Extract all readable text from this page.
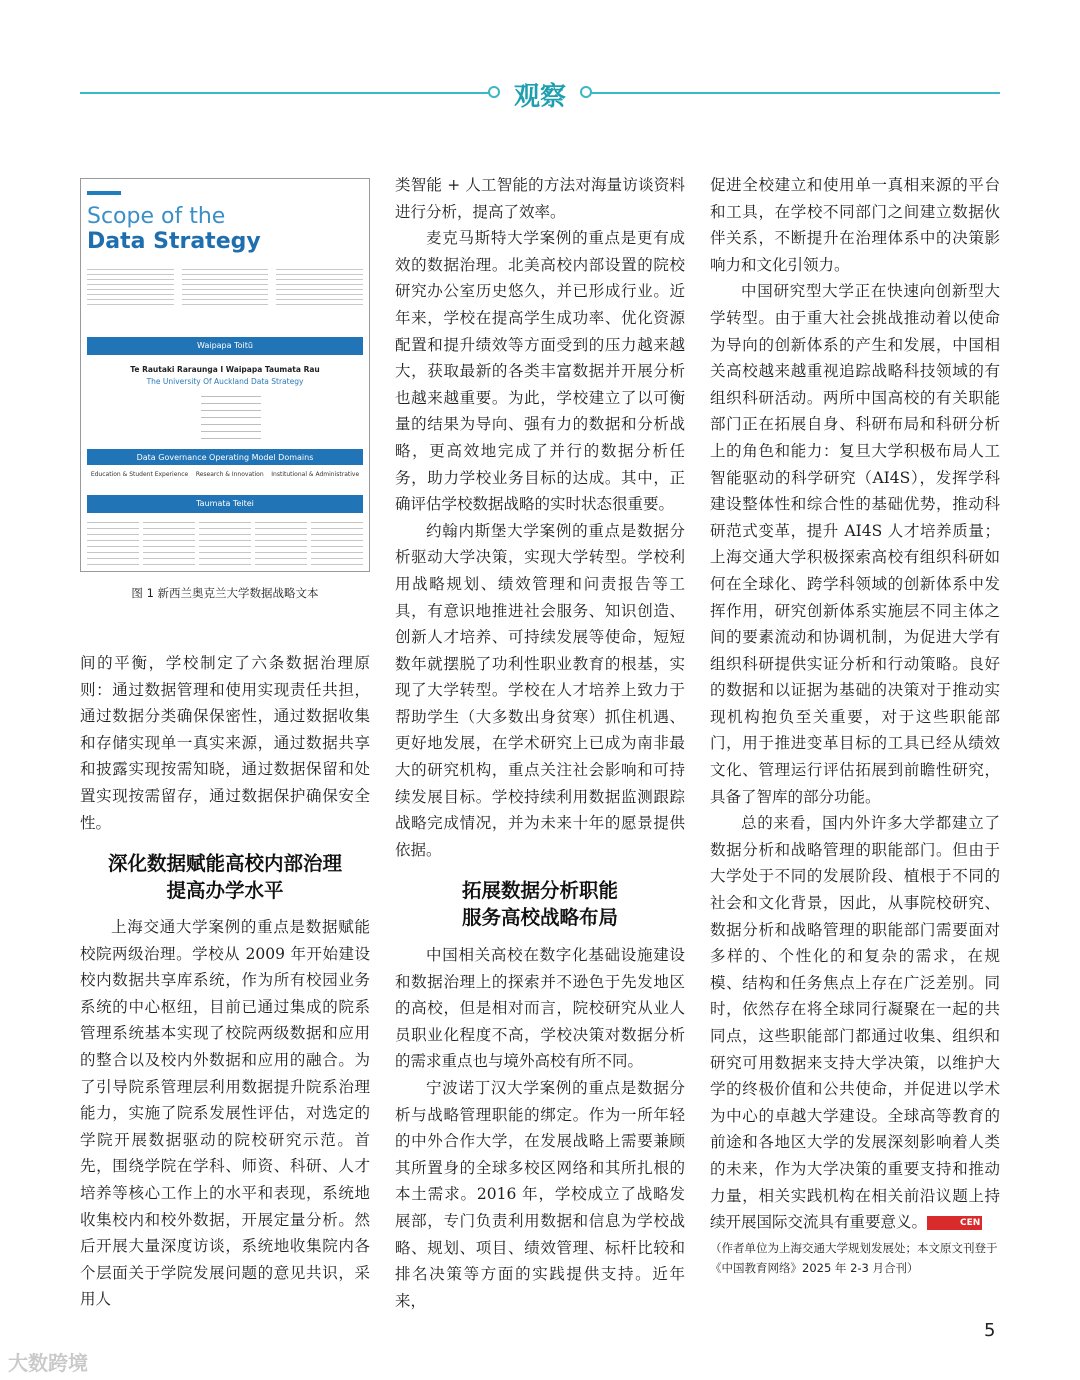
观察
Scope of the
Data Strategy
Waipapa Toitū
Te Rautaki Raraunga I Waipapa Taumata Rau
The University Of Auckland Data Strategy
Data Governance Operating Model Domains
Education & Student Experience Research & Innovation Institutional & Administrative
Taumata Teitei
图 1 新西兰奥克兰大学数据战略文本

间的平衡，学校制定了六条数据治理原则：通过数据管理和使用实现责任共担，通过数据分类确保保密性，通过数据收集和存储实现单一真实来源，通过数据共享和披露实现按需知晓，通过数据保留和处置实现按需留存，通过数据保护确保安全性。

深化数据赋能高校内部治理
提高办学水平

上海交通大学案例的重点是数据赋能校院两级治理。学校从 2009 年开始建设校内数据共享库系统，作为所有校园业务系统的中心枢纽，目前已通过集成的院系管理系统基本实现了校院两级数据和应用的整合以及校内外数据和应用的融合。为了引导院系管理层利用数据提升院系治理能力，实施了院系发展性评估，对选定的学院开展数据驱动的院校研究示范。首先，围绕学院在学科、师资、科研、人才培养等核心工作上的水平和表现，系统地收集校内和校外数据，开展定量分析。然后开展大量深度访谈，系统地收集院内各个层面关于学院发展问题的意见共识，采用人

类智能 + 人工智能的方法对海量访谈资料进行分析，提高了效率。

麦克马斯特大学案例的重点是更有成效的数据治理。北美高校内部设置的院校研究办公室历史悠久，并已形成行业。近年来，学校在提高学生成功率、优化资源配置和提升绩效等方面受到的压力越来越大，获取最新的各类丰富数据并开展分析也越来越重要。为此，学校建立了以可衡量的结果为导向、强有力的数据和分析战略，更高效地完成了并行的数据分析任务，助力学校业务目标的达成。其中，正确评估学校数据战略的实时状态很重要。

约翰内斯堡大学案例的重点是数据分析驱动大学决策，实现大学转型。学校利用战略规划、绩效管理和问责报告等工具，有意识地推进社会服务、知识创造、创新人才培养、可持续发展等使命，短短数年就摆脱了功利性职业教育的根基，实现了大学转型。学校在人才培养上致力于帮助学生（大多数出身贫寒）抓住机遇、更好地发展，在学术研究上已成为南非最大的研究机构，重点关注社会影响和可持续发展目标。学校持续利用数据监测跟踪战略完成情况，并为未来十年的愿景提供依据。

拓展数据分析职能
服务高校战略布局

中国相关高校在数字化基础设施建设和数据治理上的探索并不逊色于先发地区的高校，但是相对而言，院校研究从业人员职业化程度不高，学校决策对数据分析的需求重点也与境外高校有所不同。

宁波诺丁汉大学案例的重点是数据分析与战略管理职能的绑定。作为一所年轻的中外合作大学，在发展战略上需要兼顾其所置身的全球多校区网络和其所扎根的本土需求。2016 年，学校成立了战略发展部，专门负责利用数据和信息为学校战略、规划、项目、绩效管理、标杆比较和排名决策等方面的实践提供支持。近年来，

促进全校建立和使用单一真相来源的平台和工具，在学校不同部门之间建立数据伙伴关系，不断提升在治理体系中的决策影响力和文化引领力。

中国研究型大学正在快速向创新型大学转型。由于重大社会挑战推动着以使命为导向的创新体系的产生和发展，中国相关高校越来越重视追踪战略科技领域的有组织科研活动。两所中国高校的有关职能部门正在拓展自身、科研布局和科研分析上的角色和能力：复旦大学积极布局人工智能驱动的科学研究（AI4S），发挥学科建设整体性和综合性的基础优势，推动科研范式变革，提升 AI4S 人才培养质量；上海交通大学积极探索高校有组织科研如何在全球化、跨学科领域的创新体系中发挥作用，研究创新体系实施层不同主体之间的要素流动和协调机制，为促进大学有组织科研提供实证分析和行动策略。良好的数据和以证据为基础的决策对于推动实现机构抱负至关重要，对于这些职能部门，用于推进变革目标的工具已经从绩效文化、管理运行评估拓展到前瞻性研究，具备了智库的部分功能。

总的来看，国内外许多大学都建立了数据分析和战略管理的职能部门。但由于大学处于不同的发展阶段、植根于不同的社会和文化背景，因此，从事院校研究、数据分析和战略管理的职能部门需要面对多样的、个性化的和复杂的需求，在规模、结构和任务焦点上存在广泛差别。同时，依然存在将全球同行凝聚在一起的共同点，这些职能部门都通过收集、组织和研究可用数据来支持大学决策，以维护大学的终极价值和公共使命，并促进以学术为中心的卓越大学建设。全球高等教育的前途和各地区大学的发展深刻影响着人类的未来，作为大学决策的重要支持和推动力量，相关实践机构在相关前沿议题上持续开展国际交流具有重要意义。	CEN

（作者单位为上海交通大学规划发展处；本文原文刊登于《中国教育网络》2025 年 2-3 月合刊）
5
大数跨境
